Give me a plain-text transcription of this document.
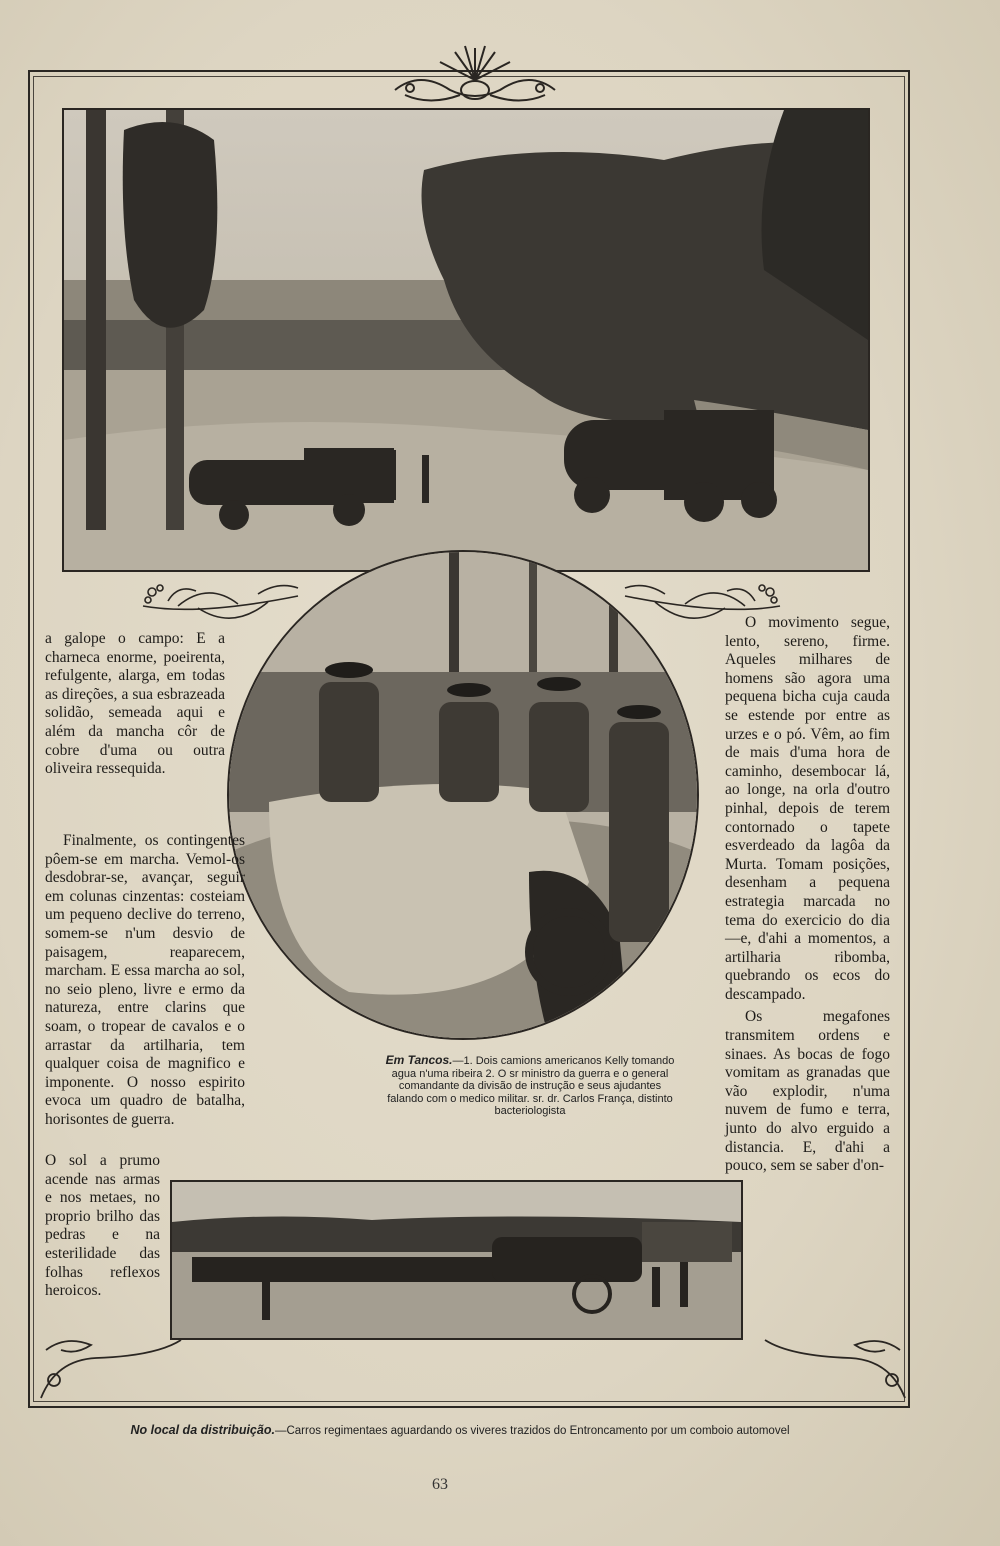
a galope o campo: E a charneca enorme, poeirenta, refulgente, alarga, em todas as direções, a sua esbrazeada solidão, semeada aqui e além da mancha côr de cobre d'uma ou outra oliveira ressequida.

Finalmente, os contingentes pôem-se em marcha. Vemol-os desdobrar-se, avançar, seguir em colunas cinzentas: costeiam um pequeno declive do terreno, somem-se n'um desvio de paisagem, reaparecem, marcham. E essa marcha ao sol, no seio pleno, livre e ermo da natureza, entre clarins que soam, o tropear de cavalos e o arrastar da artilharia, tem qualquer coisa de magnifico e imponente. O nosso espirito evoca um quadro de batalha, horisontes de guerra.

O sol a prumo acende nas armas e nos metaes, no proprio brilho das pedras e na esterilidade das folhas reflexos heroicos.

O movimento segue, lento, sereno, firme. Aqueles milhares de homens são agora uma pequena bicha cuja cauda se estende por entre as urzes e o pó. Vêm, ao fim de mais d'uma hora de caminho, desembocar lá, ao longe, na orla d'outro pinhal, depois de terem contornado o tapete esverdeado da lagôa da Murta. Tomam posições, desenham a pequena estrategia marcada no tema do exercicio do dia—e, d'ahi a momentos, a artilharia ribomba, quebrando os ecos do descampado.

Os megafones transmitem ordens e sinaes. As bocas de fogo vomitam as granadas que vão explodir, n'uma nuvem de fumo e terra, junto do alvo erguido a distancia. E, d'ahi a pouco, sem se saber d'on-

Em Tancos.—1. Dois camions americanos Kelly tomando agua n'uma ribeira 2. O sr ministro da guerra e o general comandante da divisão de instrução e seus ajudantes falando com o medico militar. sr. dr. Carlos França, distinto bacteriologista
No local da distribuição.—Carros regimentaes aguardando os viveres trazidos do Entroncamento por um comboio automovel
63
